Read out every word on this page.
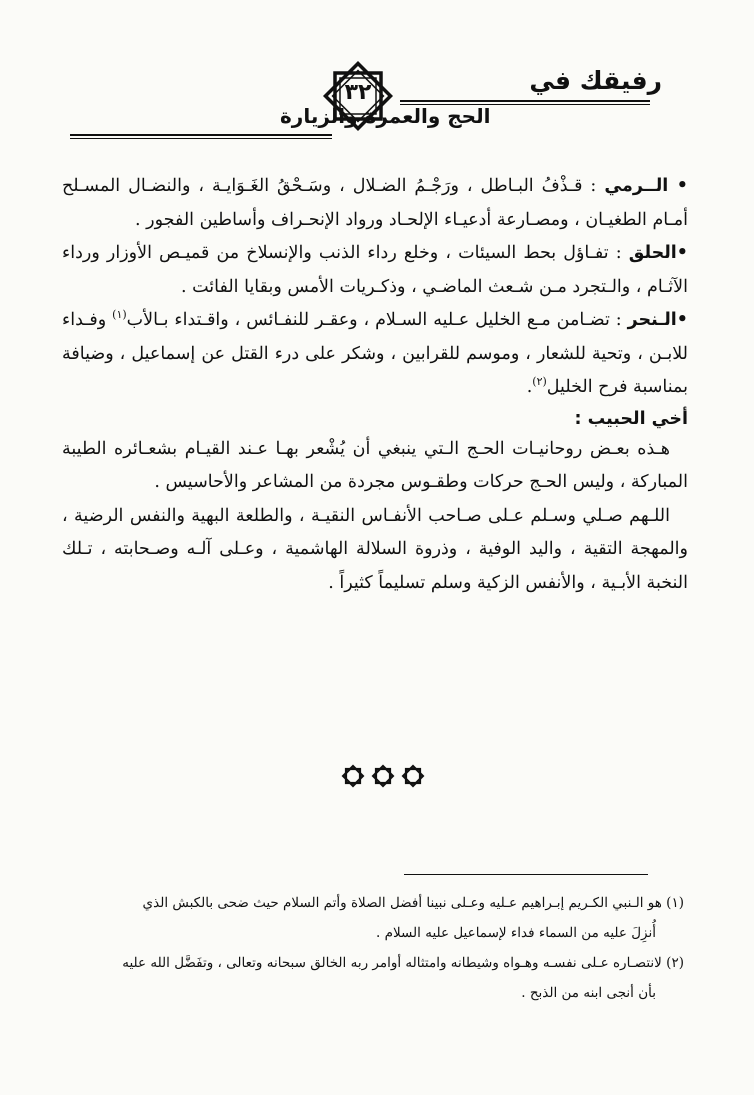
رفيقك في
٣٢
الحج والعمرة والزيارة

• الــرمي : قـذْفُ البـاطل ، ورَجْـمُ الضـلال ، وسَـحْقُ الغَـوَايـة ، والنضـال المسـلح أمـام الطغيـان ، ومصـارعة أدعيـاء الإلحـاد ورواد الإنحـراف وأساطين الفجور .

•الحلق : تفـاؤل بحط السيئات ، وخلع رداء الذنب والإنسلاخ من قميـص الأوزار ورداء الآثـام ، والـتجرد مـن شـعث الماضـي ، وذكـريات الأمس وبقايا الفائت .

•الـنحر : تضـامن مـع الخليل عـليه السـلام ، وعقـر للنفـائس ، واقـتداء بـالأب$^{(١)}$ وفـداء للابـن ، وتحية للشعار ، وموسم للقرابين ، وشكر على درء القتل عن إسماعيل ، وضيافة بمناسبة فرح الخليل$^{(٢)}$.

أخي الحبيب :

هـذه بعـض روحانيـات الحـج الـتي ينبغي أن يُشْعر بهـا عـند القيـام بشعـائره الطيبة المباركة ، وليس الحـج حركات وطقـوس مجردة من المشاعر والأحاسيس .

اللـهم صـلي وسـلم عـلى صـاحب الأنفـاس النقيـة ، والطلعة البهية والنفس الرضية ، والمهجة التقية ، واليد الوفية ، وذروة السلالة الهاشمية ، وعـلى آلـه وصـحابته ، تـلك النخبة الأبـية ، والأنفس الزكية وسلم تسليماً كثيراً .

(١) هو الـنبي الكـريم إبـراهيم عـليه وعـلى نبينا أفضل الصلاة وأتم السلام حيث ضحى بالكبش الذي

أُنزِلَ عليه من السماء فداء لإسماعيل عليه السلام .

(٢) لانتصـاره عـلى نفسـه وهـواه وشيطانه وامتثاله أوامر ربه الخالق سبحانه وتعالى ، وتفَضَّل الله عليه

بأن أنجى ابنه من الذبح .
